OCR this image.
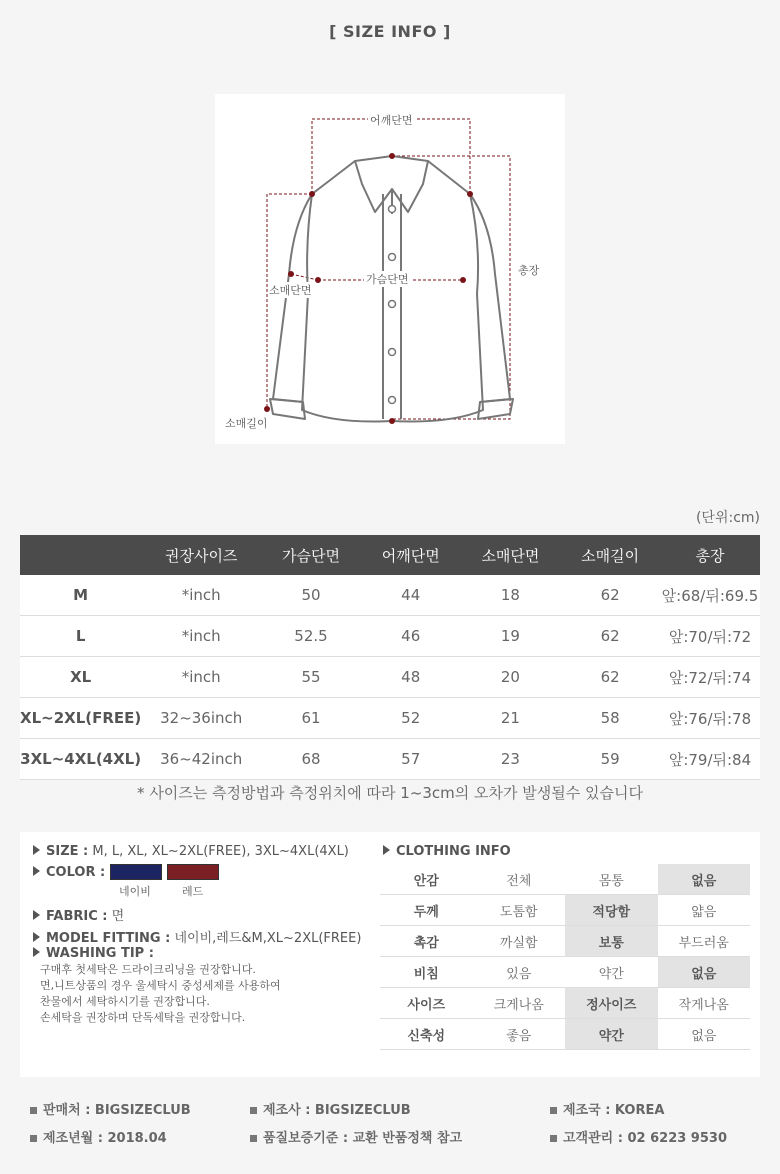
[ SIZE INFO ]
어깨단면
가슴단면
소매단면
소매길이
총장
(단위:cm)
	권장사이즈	가슴단면	어깨단면	소매단면	소매길이	총장
M	*inch	50	44	18	62	앞:68/뒤:69.5
L	*inch	52.5	46	19	62	앞:70/뒤:72
XL	*inch	55	48	20	62	앞:72/뒤:74
XL~2XL(FREE)	32~36inch	61	52	21	58	앞:76/뒤:78
3XL~4XL(4XL)	36~42inch	68	57	23	59	앞:79/뒤:84
* 사이즈는 측정방법과 측정위치에 따라 1~3cm의 오차가 발생될수 있습니다
SIZE : M, L, XL, XL~2XL(FREE), 3XL~4XL(4XL)
COLOR :
네이비	레드
FABRIC : 면
MODEL FITTING : 네이비,레드&M,XL~2XL(FREE)
WASHING TIP :
구매후 첫세탁은 드라이크리닝을 권장합니다.
면,니트상품의 경우 울세탁시 중성세제를 사용하여
찬물에서 세탁하시기를 권장합니다.
손세탁을 권장하며 단독세탁을 권장합니다.
CLOTHING INFO
안감	전체	몸통	없음
두께	도톰함	적당함	얇음
촉감	까실함	보통	부드러움
비침	있음	약간	없음
사이즈	크게나옴	정사이즈	작게나옴
신축성	좋음	약간	없음
판매처 : BIGSIZECLUB	제조사 : BIGSIZECLUB	제조국 : KOREA
제조년월 : 2018.04	품질보증기준 : 교환 반품정책 참고	고객관리 : 02 6223 9530
